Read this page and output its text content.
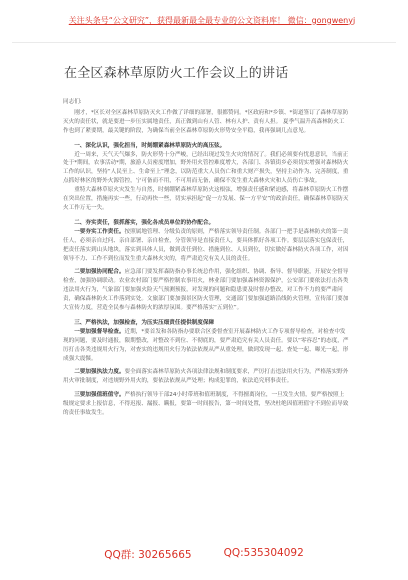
关注头条号“公文研究”，获得最新最全最专业的公文资料库！ 微信：gongwenyj
在全区森林草原防火工作会议上的讲话

同志们:

刚才，*区长对全区森林草原防灭火工作做了详细的部署，很都赞同。*区政府和*乡镇、*街道签订了森林草原防灭火的责任状，就是要进一步压实属地责任，真正做到山有人管、林有人护、责有人担。 夏季气温升高森林防火工作也到了紧要期，最关键的阶段，为确保当前全区森林草原防火形势安全平稳，我再强调几点意见。

一、深化认识，强化担当，时刻绷紧森林草原防火的高压弦。

近一周来，天气天气爆多，防火形势十分严峻，已经出现过发生火灾的情况了。我们必须要有忧患意识，当前正处于*期间，农事活动*期，旅游人员密度增加，野外用火管控难度增大，各部门、各镇街乡必须切实增强对森林防火工作的认识，坚持“人民至上、生命至上”理念，以防范重大人员伤亡和重大财产损失，坚持主动作为、完善制度，重点抓好林区的野外火源管控，宁可备而不用，不可用而无备，确保不发生重大森林火灾和人员伤亡事故。

重特大森林草原火灾发生与自然，时刻绷紧森林草原防火这根弦，增强责任感和紧迫感，将森林草原防火工作摆在突出位置，措施再实一些，行动再快一些，切实承担起“促一方发展、保一方平安”的政治责任，确保森林草原防灭火工作万无一失。

二、夯实责任，狠抓落实，强化各成员单位的协作配合。

一要夯实工作责任。按照属地管理、分级负责的原则，严格落实领导责任制。各部门一把手是森林防火的第一责任人，必须亲自过问、亲自部署、亲自检查，分管领导是直接责任人，要具体抓好各项工作。要层层落实包保责任，把责任落实到山头地块，落实到具体人员，做到责任到位、措施到位、人员到位，切实做好森林防火各项工作，对因领导不力、工作不到位而发生重大森林火灾的，将严肃追究有关人员的责任。

二要加强协同配合。应急部门要发挥森防指办事长统总作用，强化组织、协调、指导、督导职能，开展安全督导检查，加强协调联动。农业农村部门要严格控制农事用火，林业部门要加强森林资源保护，公安部门要依法打击各类违法用火行为，气象部门要加强火险天气预测预报，对发现的问题和隐患要及时督办整改，对工作不力的要严肃问责，确保森林防火工作落到实处。文旅部门要加强景区防火管理，交通部门要加强道路沿线防火管理，宣传部门要加大宣传力度，营造全民参与森林防火的浓厚氛围。要严格落实“五到位”。

三、严格执法，加强检查，为压实压细责任提供制度保障

一要加强督导检查。近期，*要首发和各防指办要联合区委督查室开展森林防火工作专项督导检查，对检查中发现的问题，要及时通报，限期整改，对整改不到位、不彻底的，要严肃追究有关人员责任。要以“零容忍”的态度，严厉打击各类违规用火行为，对查实的违规用火行为依法依规从严从重处理，做到发现一起、查处一起、曝光一起，形成强大震慑。

二要加强执法力度。要全面落实森林草原防火各项法律法规和制度要求，严厉打击违法用火行为，严格落实野外用火审批制度，对违规野外用火的，要依法依规从严处理；构成犯罪的，依法追究刑事责任。

三要加强值班值守。严格执行领导干部24小时带班和值班制度，不得擅离岗位，一旦发生火情，要严格按照上级规定要求上报信息，不得迟报、漏报、瞒报，要第一时间报告，第一时间处置，坚决杜绝因值班值守不到位而导致的责任事故发生。

QQ群: 30265665	QQ:535304092
